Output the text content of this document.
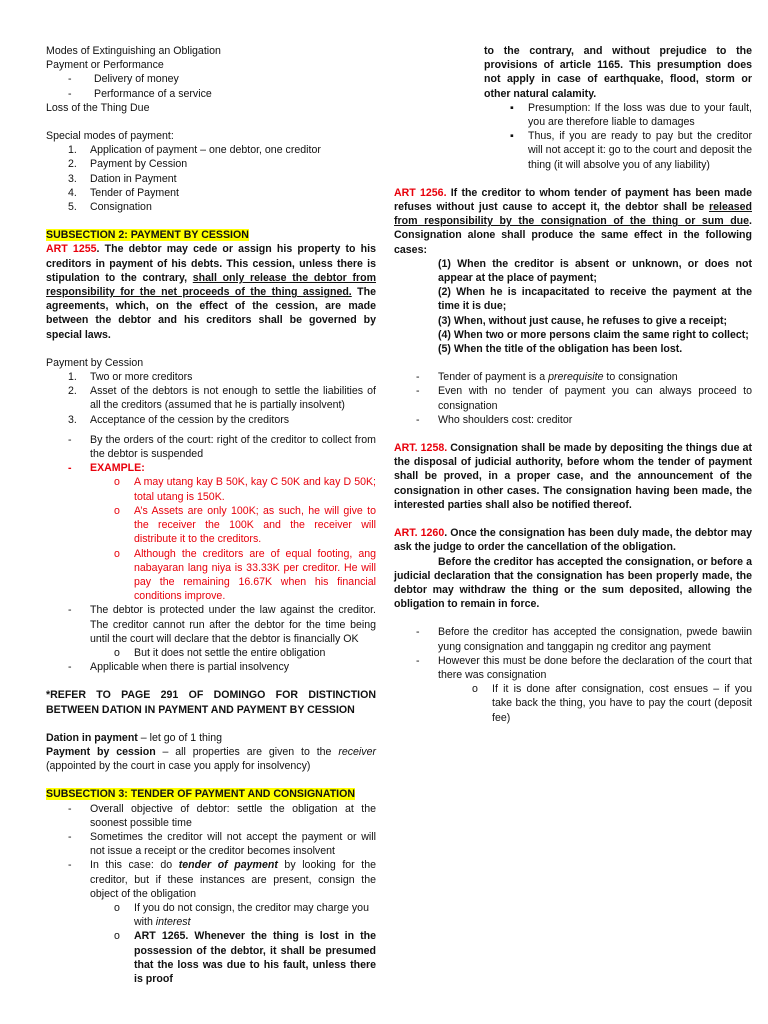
Modes of Extinguishing an Obligation

Payment or Performance

- Delivery of money
- Performance of a service

Loss of the Thing Due

Special modes of payment:

1. Application of payment – one debtor, one creditor
2. Payment by Cession
3. Dation in Payment
4. Tender of Payment
5. Consignation

SUBSECTION 2: PAYMENT BY CESSION

ART 1255. The debtor may cede or assign his property to his creditors in payment of his debts. This cession, unless there is stipulation to the contrary, shall only release the debtor from responsibility for the net proceeds of the thing assigned. The agreements, which, on the effect of the cession, are made between the debtor and his creditors shall be governed by special laws.

Payment by Cession

1. Two or more creditors
2. Asset of the debtors is not enough to settle the liabilities of all the creditors (assumed that he is partially insolvent)
3. Acceptance of the cession by the creditors
- By the orders of the court: right of the creditor to collect from the debtor is suspended
- EXAMPLE:
o A may utang kay B 50K, kay C 50K and kay D 50K; total utang is 150K.
o A’s Assets are only 100K; as such, he will give to the receiver the 100K and the receiver will distribute it to the creditors.
o Although the creditors are of equal footing, ang nabayaran lang niya is 33.33K per creditor. He will pay the remaining 16.67K when his financial conditions improve.
- The debtor is protected under the law against the creditor. The creditor cannot run after the debtor for the time being until the court will declare that the debtor is financially OK
o But it does not settle the entire obligation
- Applicable when there is partial insolvency

*REFER TO PAGE 291 OF DOMINGO FOR DISTINCTION BETWEEN DATION IN PAYMENT AND PAYMENT BY CESSION

Dation in payment – let go of 1 thing

Payment by cession – all properties are given to the receiver (appointed by the court in case you apply for insolvency)

SUBSECTION 3: TENDER OF PAYMENT AND CONSIGNATION

- Overall objective of debtor: settle the obligation at the soonest possible time
- Sometimes the creditor will not accept the payment or will not issue a receipt or the creditor becomes insolvent
- In this case: do tender of payment by looking for the creditor, but if these instances are present, consign the object of the obligation
o If you do not consign, the creditor may charge you with interest
o ART 1265. Whenever the thing is lost in the possession of the debtor, it shall be presumed that the loss was due to his fault, unless there is proof

to the contrary, and without prejudice to the provisions of article 1165. This presumption does not apply in case of earthquake, flood, storm or other natural calamity.

▪ Presumption: If the loss was due to your fault, you are therefore liable to damages
▪ Thus, if you are ready to pay but the creditor will not accept it: go to the court and deposit the thing (it will absolve you of any liability)

ART 1256. If the creditor to whom tender of payment has been made refuses without just cause to accept it, the debtor shall be released from responsibility by the consignation of the thing or sum due. Consignation alone shall produce the same effect in the following cases:

(1) When the creditor is absent or unknown, or does not appear at the place of payment;

(2) When he is incapacitated to receive the payment at the time it is due;

(3) When, without just cause, he refuses to give a receipt;

(4) When two or more persons claim the same right to collect;

(5) When the title of the obligation has been lost.

- Tender of payment is a prerequisite to consignation
- Even with no tender of payment you can always proceed to consignation
- Who shoulders cost: creditor

ART. 1258. Consignation shall be made by depositing the things due at the disposal of judicial authority, before whom the tender of payment shall be proved, in a proper case, and the announcement of the consignation in other cases. The consignation having been made, the interested parties shall also be notified thereof.

ART. 1260. Once the consignation has been duly made, the debtor may ask the judge to order the cancellation of the obligation.

Before the creditor has accepted the consignation, or before a judicial declaration that the consignation has been properly made, the debtor may withdraw the thing or the sum deposited, allowing the obligation to remain in force.

- Before the creditor has accepted the consignation, pwede bawiin yung consignation and tanggapin ng creditor ang payment
- However this must be done before the declaration of the court that there was consignation
o If it is done after consignation, cost ensues – if you take back the thing, you have to pay the court (deposit fee)
